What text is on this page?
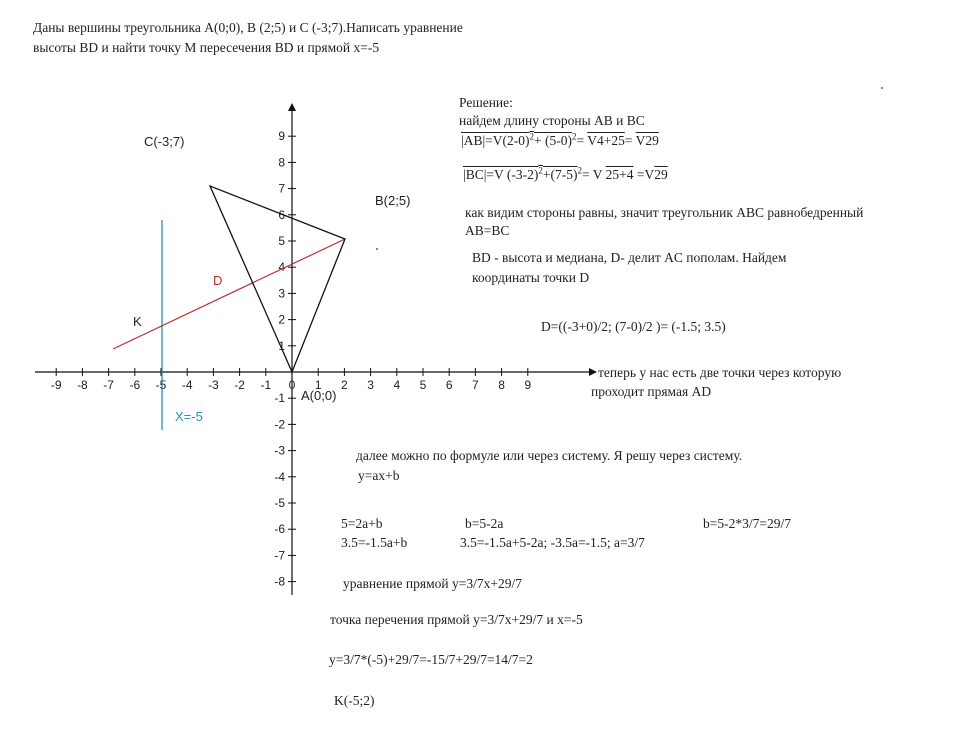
Даны вершины треугольника A(0;0), B (2;5) и C (-3;7).Написать уравнение
высоты BD и найти точку M пересечения BD и прямой x=-5
-9 -8 -7 -6 -5 -4 -3 -2 -1 0 1 2 3 4 5 6 7 8 9
1
2
3
4
5
6
7
8
9
-1
-2
-3
-4
-5
-6
-7
-8
C(-3;7)
B(2;5)
A(0;0)
D
K
X=-5
Решение:
найдем длину стороны АВ и ВС
$|AB|=V(2-0)^2+ (5-0)^2= V4+25= V29$
|BC|=V $(-3-2)^2+(7-5)^2= V$ 25+4 =V29
как видим стороны равны, значит треугольник ABC равнобедренный
AB=BC
BD - высота и медиана, D- делит AC пополам. Найдем
координаты точки D
D=((-3+0)/2; (7-0)/2 )= (-1.5; 3.5)
теперь у нас есть две точки через которую
проходит прямая AD
далее можно по формуле или через систему. Я решу через систему.
y=ax+b
5=2a+b
3.5=-1.5a+b
b=5-2a
3.5=-1.5a+5-2a; -3.5a=-1.5; a=3/7
b=5-2*3/7=29/7
уравнение прямой y=3/7x+29/7
точка перечения прямой y=3/7x+29/7 и x=-5
y=3/7*(-5)+29/7=-15/7+29/7=14/7=2
K(-5;2)
